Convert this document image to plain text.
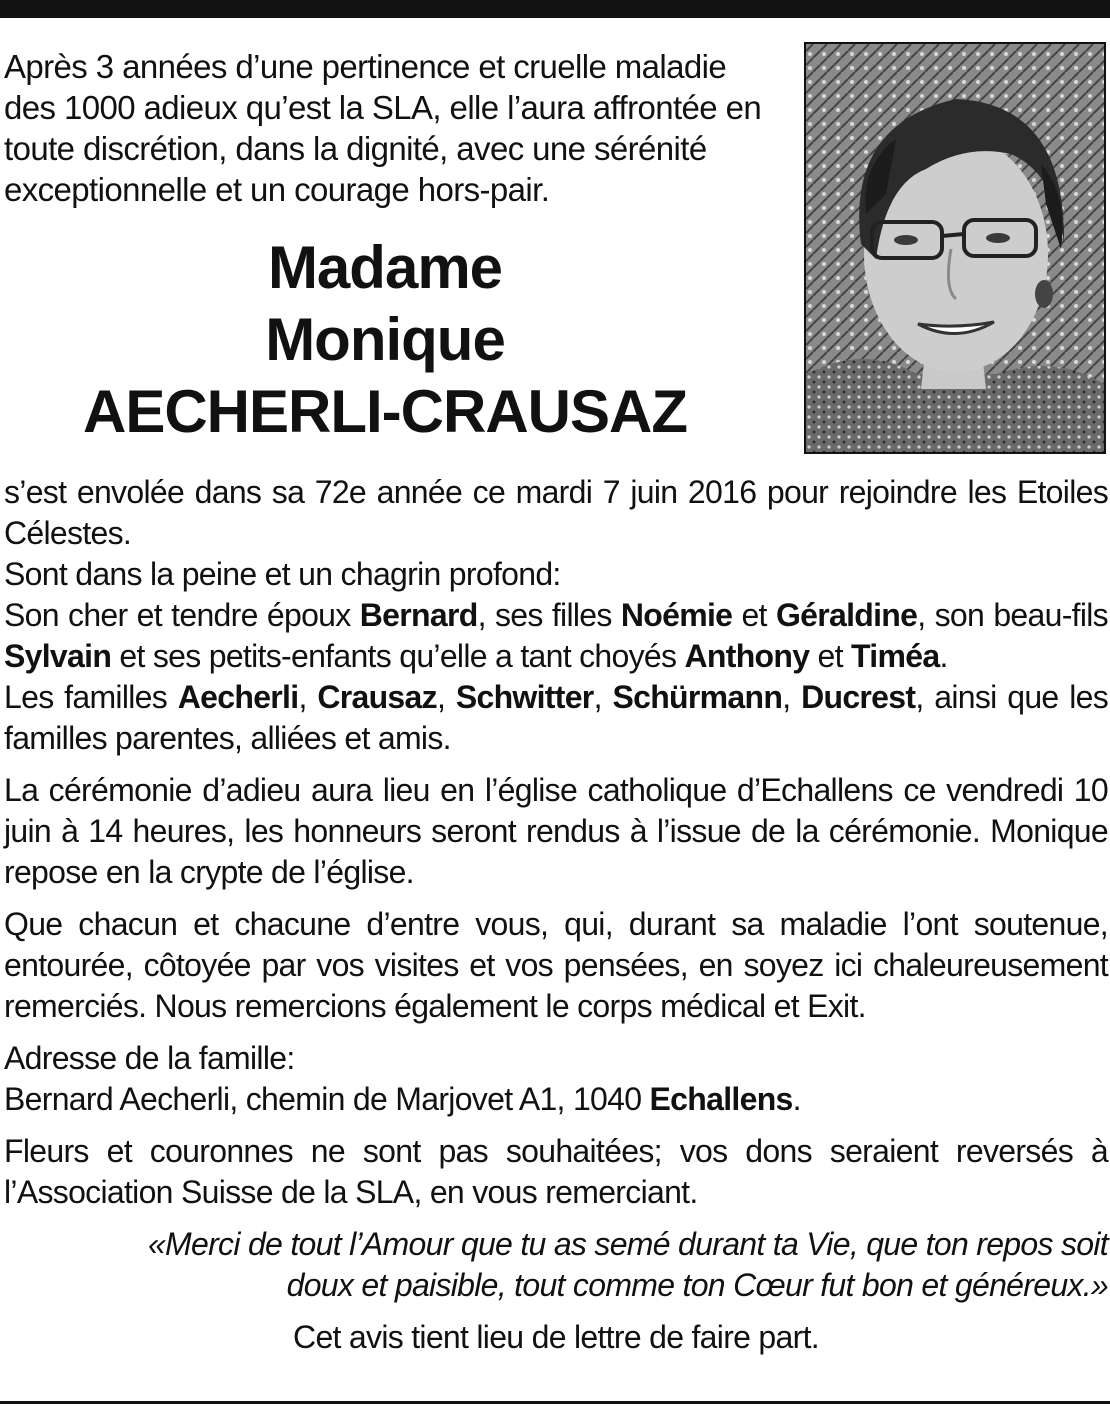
Après 3 années d’une pertinence et cruelle maladie des 1000 adieux qu’est la SLA, elle l’aura affrontée en toute discrétion, dans la dignité, avec une sérénité exceptionnelle et un courage hors-pair.

Madame
Monique
AECHERLI-CRAUSAZ

s’est envolée dans sa 72e année ce mardi 7 juin 2016 pour rejoindre les Etoiles Célestes.
Sont dans la peine et un chagrin profond:
Son cher et tendre époux Bernard, ses filles Noémie et Géraldine, son beau-fils Sylvain et ses petits-enfants qu’elle a tant choyés Anthony et Timéa.
Les familles Aecherli, Crausaz, Schwitter, Schürmann, Ducrest, ainsi que les familles parentes, alliées et amis.

La cérémonie d’adieu aura lieu en l’église catholique d’Echallens ce vendredi 10 juin à 14 heures, les honneurs seront rendus à l’issue de la cérémonie. Monique repose en la crypte de l’église.

Que chacun et chacune d’entre vous, qui, durant sa maladie l’ont soutenue, entourée, côtoyée par vos visites et vos pensées, en soyez ici chaleureusement remerciés. Nous remercions également le corps médical et Exit.

Adresse de la famille:
Bernard Aecherli, chemin de Marjovet A1, 1040 Echallens.

Fleurs et couronnes ne sont pas souhaitées; vos dons seraient reversés à l’Association Suisse de la SLA, en vous remerciant.

«Merci de tout l’Amour que tu as semé durant ta Vie, que ton repos soit
doux et paisible, tout comme ton Cœur fut bon et généreux.»

Cet avis tient lieu de lettre de faire part.
